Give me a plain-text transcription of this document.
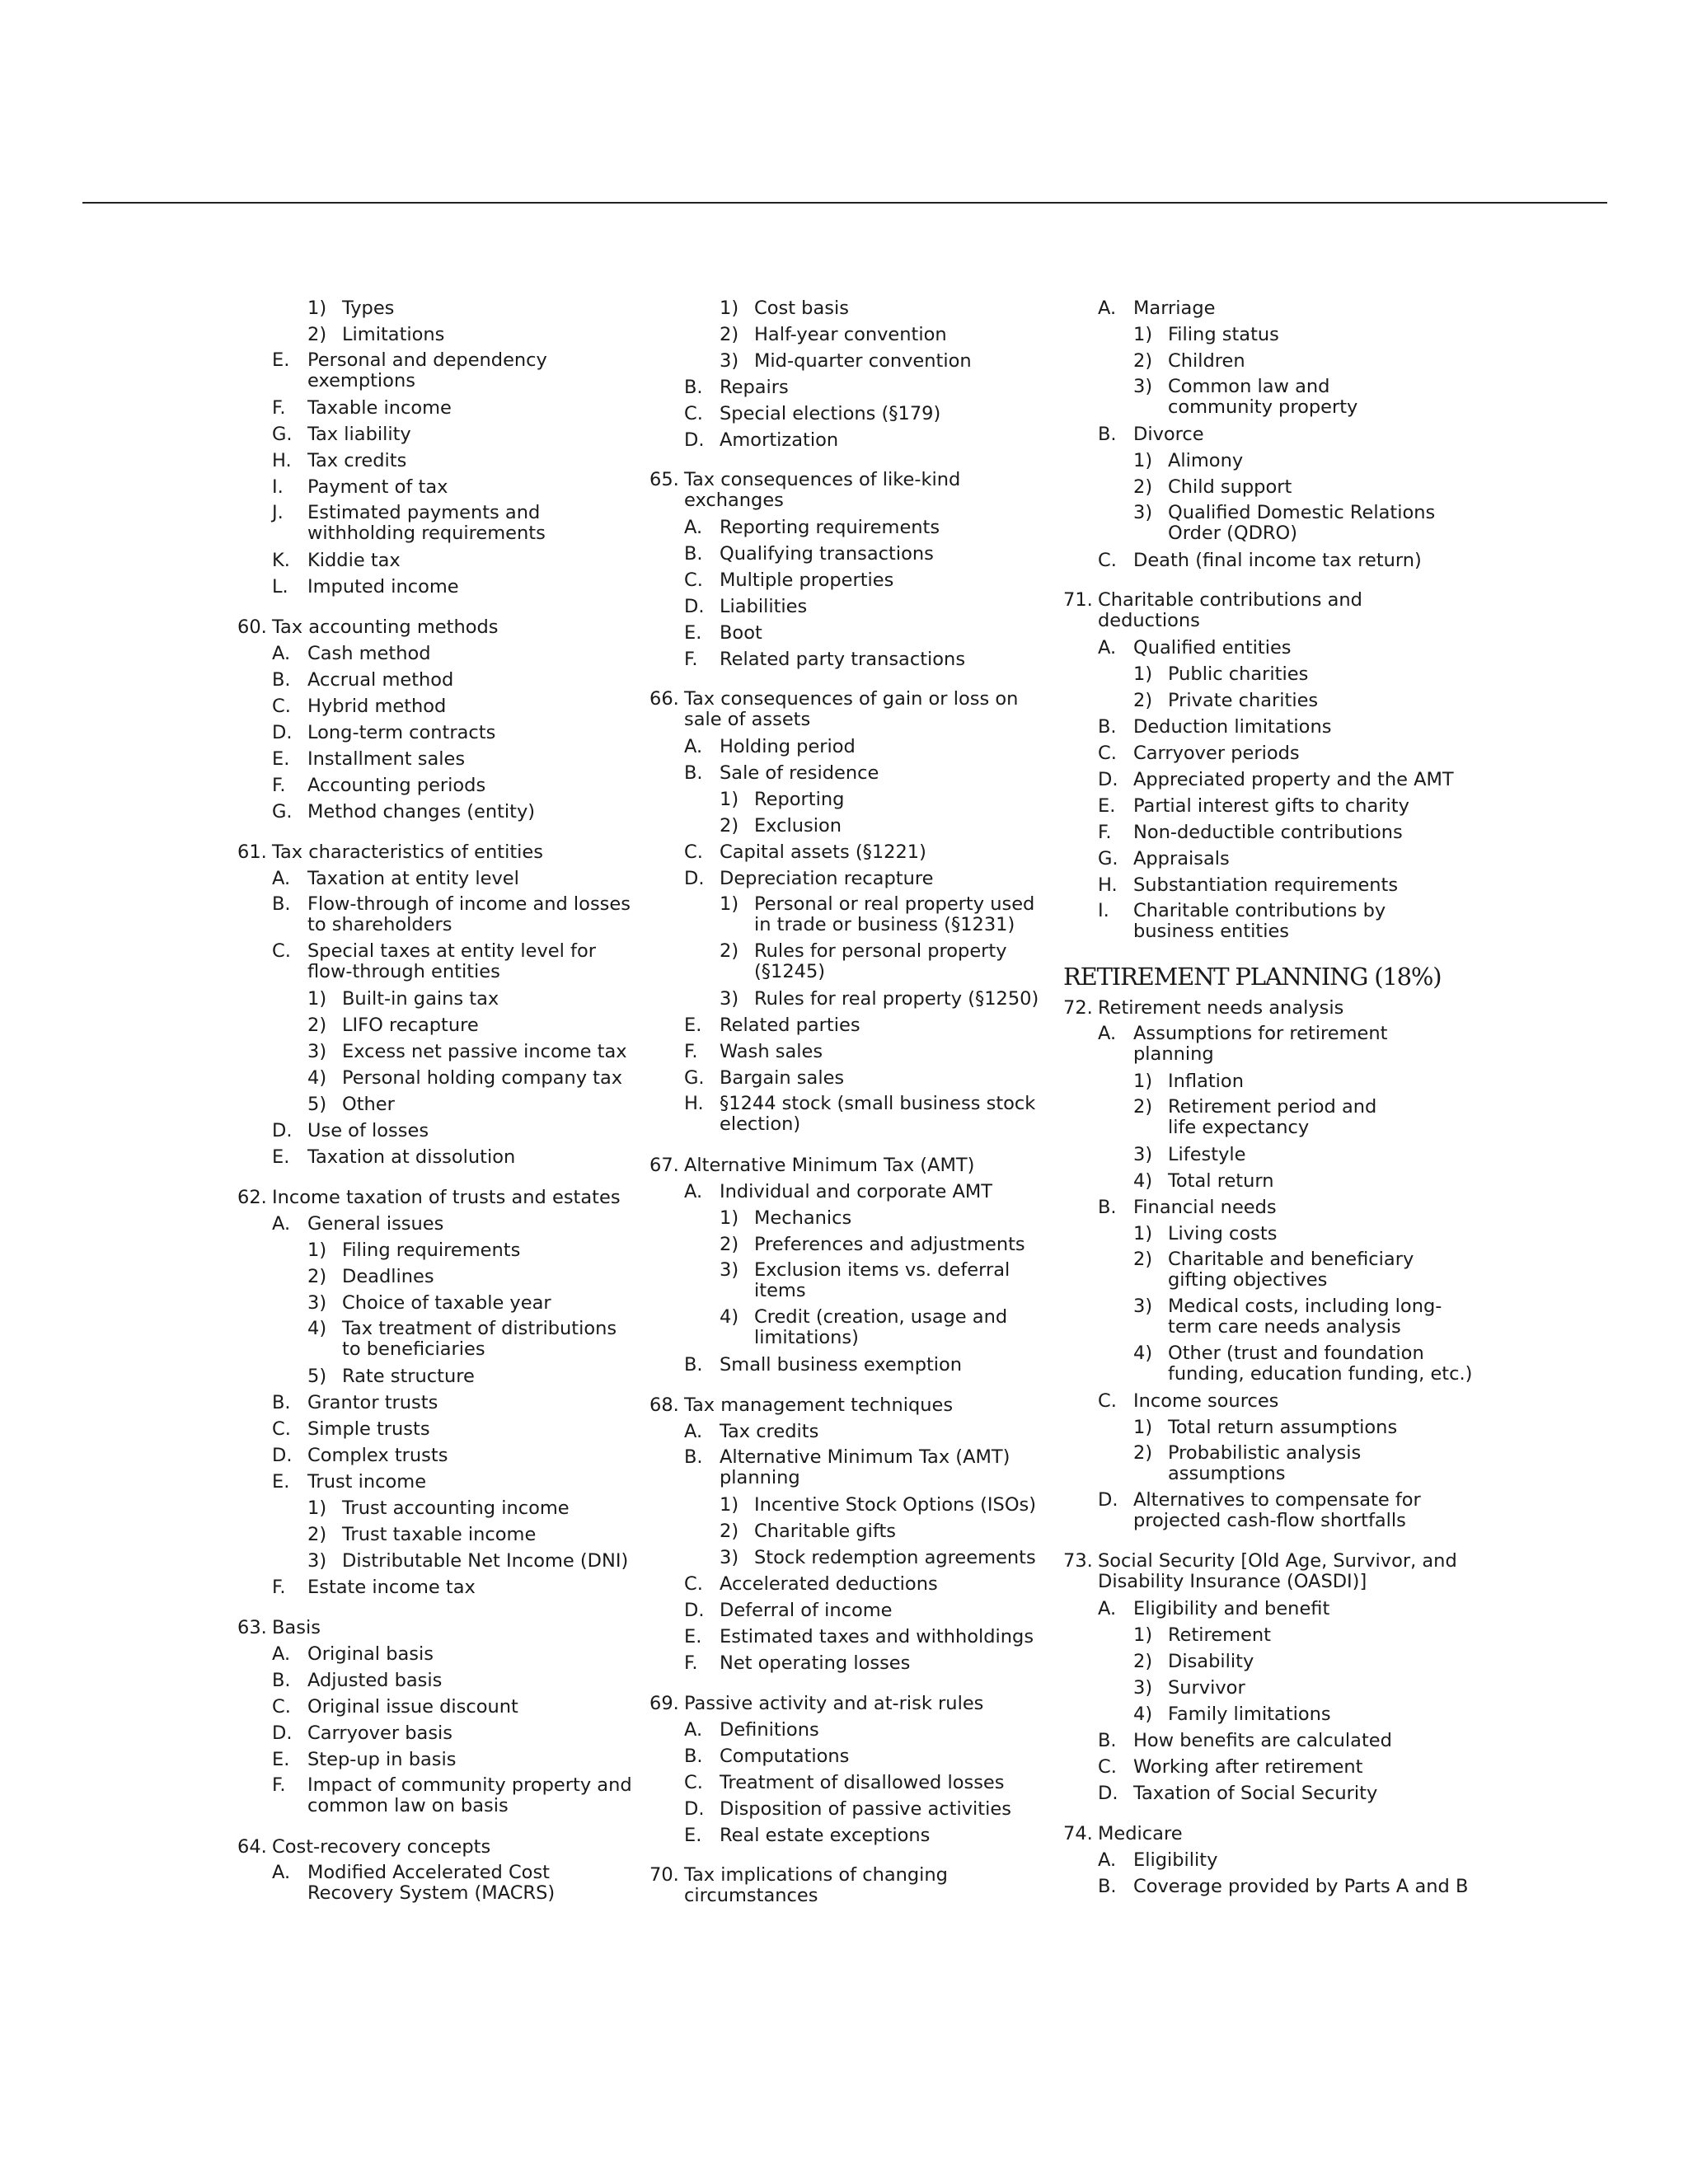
1) Types
2) Limitations
E. Personal and dependency
exemptions
F.	Taxable income
G. Tax liability
H. Tax credits
I.	Payment of tax
J.	Estimated payments and
withholding requirements
K. Kiddie tax
L.	Imputed income
60. Tax accounting methods
A. Cash method
B. Accrual method
C. Hybrid method
D. Long-term contracts
E. Installment sales
F.	Accounting periods
G. Method changes (entity)
61. Tax characteristics of entities
A. Taxation at entity level
B. Flow-through of income and losses
to shareholders
C. Special taxes at entity level for
flow-through entities
1) Built-in gains tax
2) LIFO recapture
3) Excess net passive income tax
4) Personal holding company tax
5) Other
D. Use of losses
E. Taxation at dissolution
62. Income taxation of trusts and estates
A. General issues
1) Filing requirements
2) Deadlines
3) Choice of taxable year
4) Tax treatment of distributions
to beneficiaries
5) Rate structure
B. Grantor trusts
C. Simple trusts
D. Complex trusts
E. Trust income
1) Trust accounting income
2) Trust taxable income
3) Distributable Net Income (DNI)
F.	Estate income tax
63. Basis
A. Original basis
B. Adjusted basis
C. Original issue discount
D. Carryover basis
E. Step-up in basis
F.	Impact of community property and
common law on basis
64. Cost-recovery concepts
A. Modified Accelerated Cost
Recovery System (MACRS)
1) Cost basis
2) Half-year convention
3) Mid-quarter convention
B. Repairs
C. Special elections (§179)
D. Amortization
65. Tax consequences of like-kind
exchanges
A. Reporting requirements
B. Qualifying transactions
C. Multiple properties
D. Liabilities
E. Boot
F.	Related party transactions
66. Tax consequences of gain or loss on
sale of assets
A. Holding period
B. Sale of residence
1) Reporting
2) Exclusion
C. Capital assets (§1221)
D. Depreciation recapture
1) Personal or real property used
in trade or business (§1231)
2) Rules for personal property
(§1245)
3) Rules for real property (§1250)
E. Related parties
F.	Wash sales
G. Bargain sales
H. §1244 stock (small business stock
election)
67. Alternative Minimum Tax (AMT)
A. Individual and corporate AMT
1) Mechanics
2) Preferences and adjustments
3) Exclusion items vs. deferral
items
4) Credit (creation, usage and
limitations)
B. Small business exemption
68. Tax management techniques
A. Tax credits
B. Alternative Minimum Tax (AMT)
planning
1) Incentive Stock Options (ISOs)
2) Charitable gifts
3) Stock redemption agreements
C. Accelerated deductions
D. Deferral of income
E. Estimated taxes and withholdings
F.	Net operating losses
69. Passive activity and at-risk rules
A. Definitions
B. Computations
C. Treatment of disallowed losses
D. Disposition of passive activities
E. Real estate exceptions
70. Tax implications of changing
circumstances
A. Marriage
1) Filing status
2) Children
3) Common law and
community property
B. Divorce
1) Alimony
2) Child support
3) Qualified Domestic Relations
Order (QDRO)
C. Death (final income tax return)
71. Charitable contributions and
deductions
A. Qualified entities
1) Public charities
2) Private charities
B. Deduction limitations
C. Carryover periods
D. Appreciated property and the AMT
E. Partial interest gifts to charity
F.	Non-deductible contributions
G. Appraisals
H. Substantiation requirements
I.	Charitable contributions by
business entities
RETIREMENT PLANNING (18%)
72. Retirement needs analysis
A. Assumptions for retirement
planning
1) Inflation
2) Retirement period and
life expectancy
3) Lifestyle
4) Total return
B. Financial needs
1) Living costs
2) Charitable and beneficiary
gifting objectives
3) Medical costs, including long-
term care needs analysis
4) Other (trust and foundation
funding, education funding, etc.)
C. Income sources
1) Total return assumptions
2) Probabilistic analysis
assumptions
D. Alternatives to compensate for
projected cash-flow shortfalls
73. Social Security [Old Age, Survivor, and
Disability Insurance (OASDI)]
A. Eligibility and benefit
1) Retirement
2) Disability
3) Survivor
4) Family limitations
B. How benefits are calculated
C. Working after retirement
D. Taxation of Social Security
74. Medicare
A. Eligibility
B. Coverage provided by Parts A and B
